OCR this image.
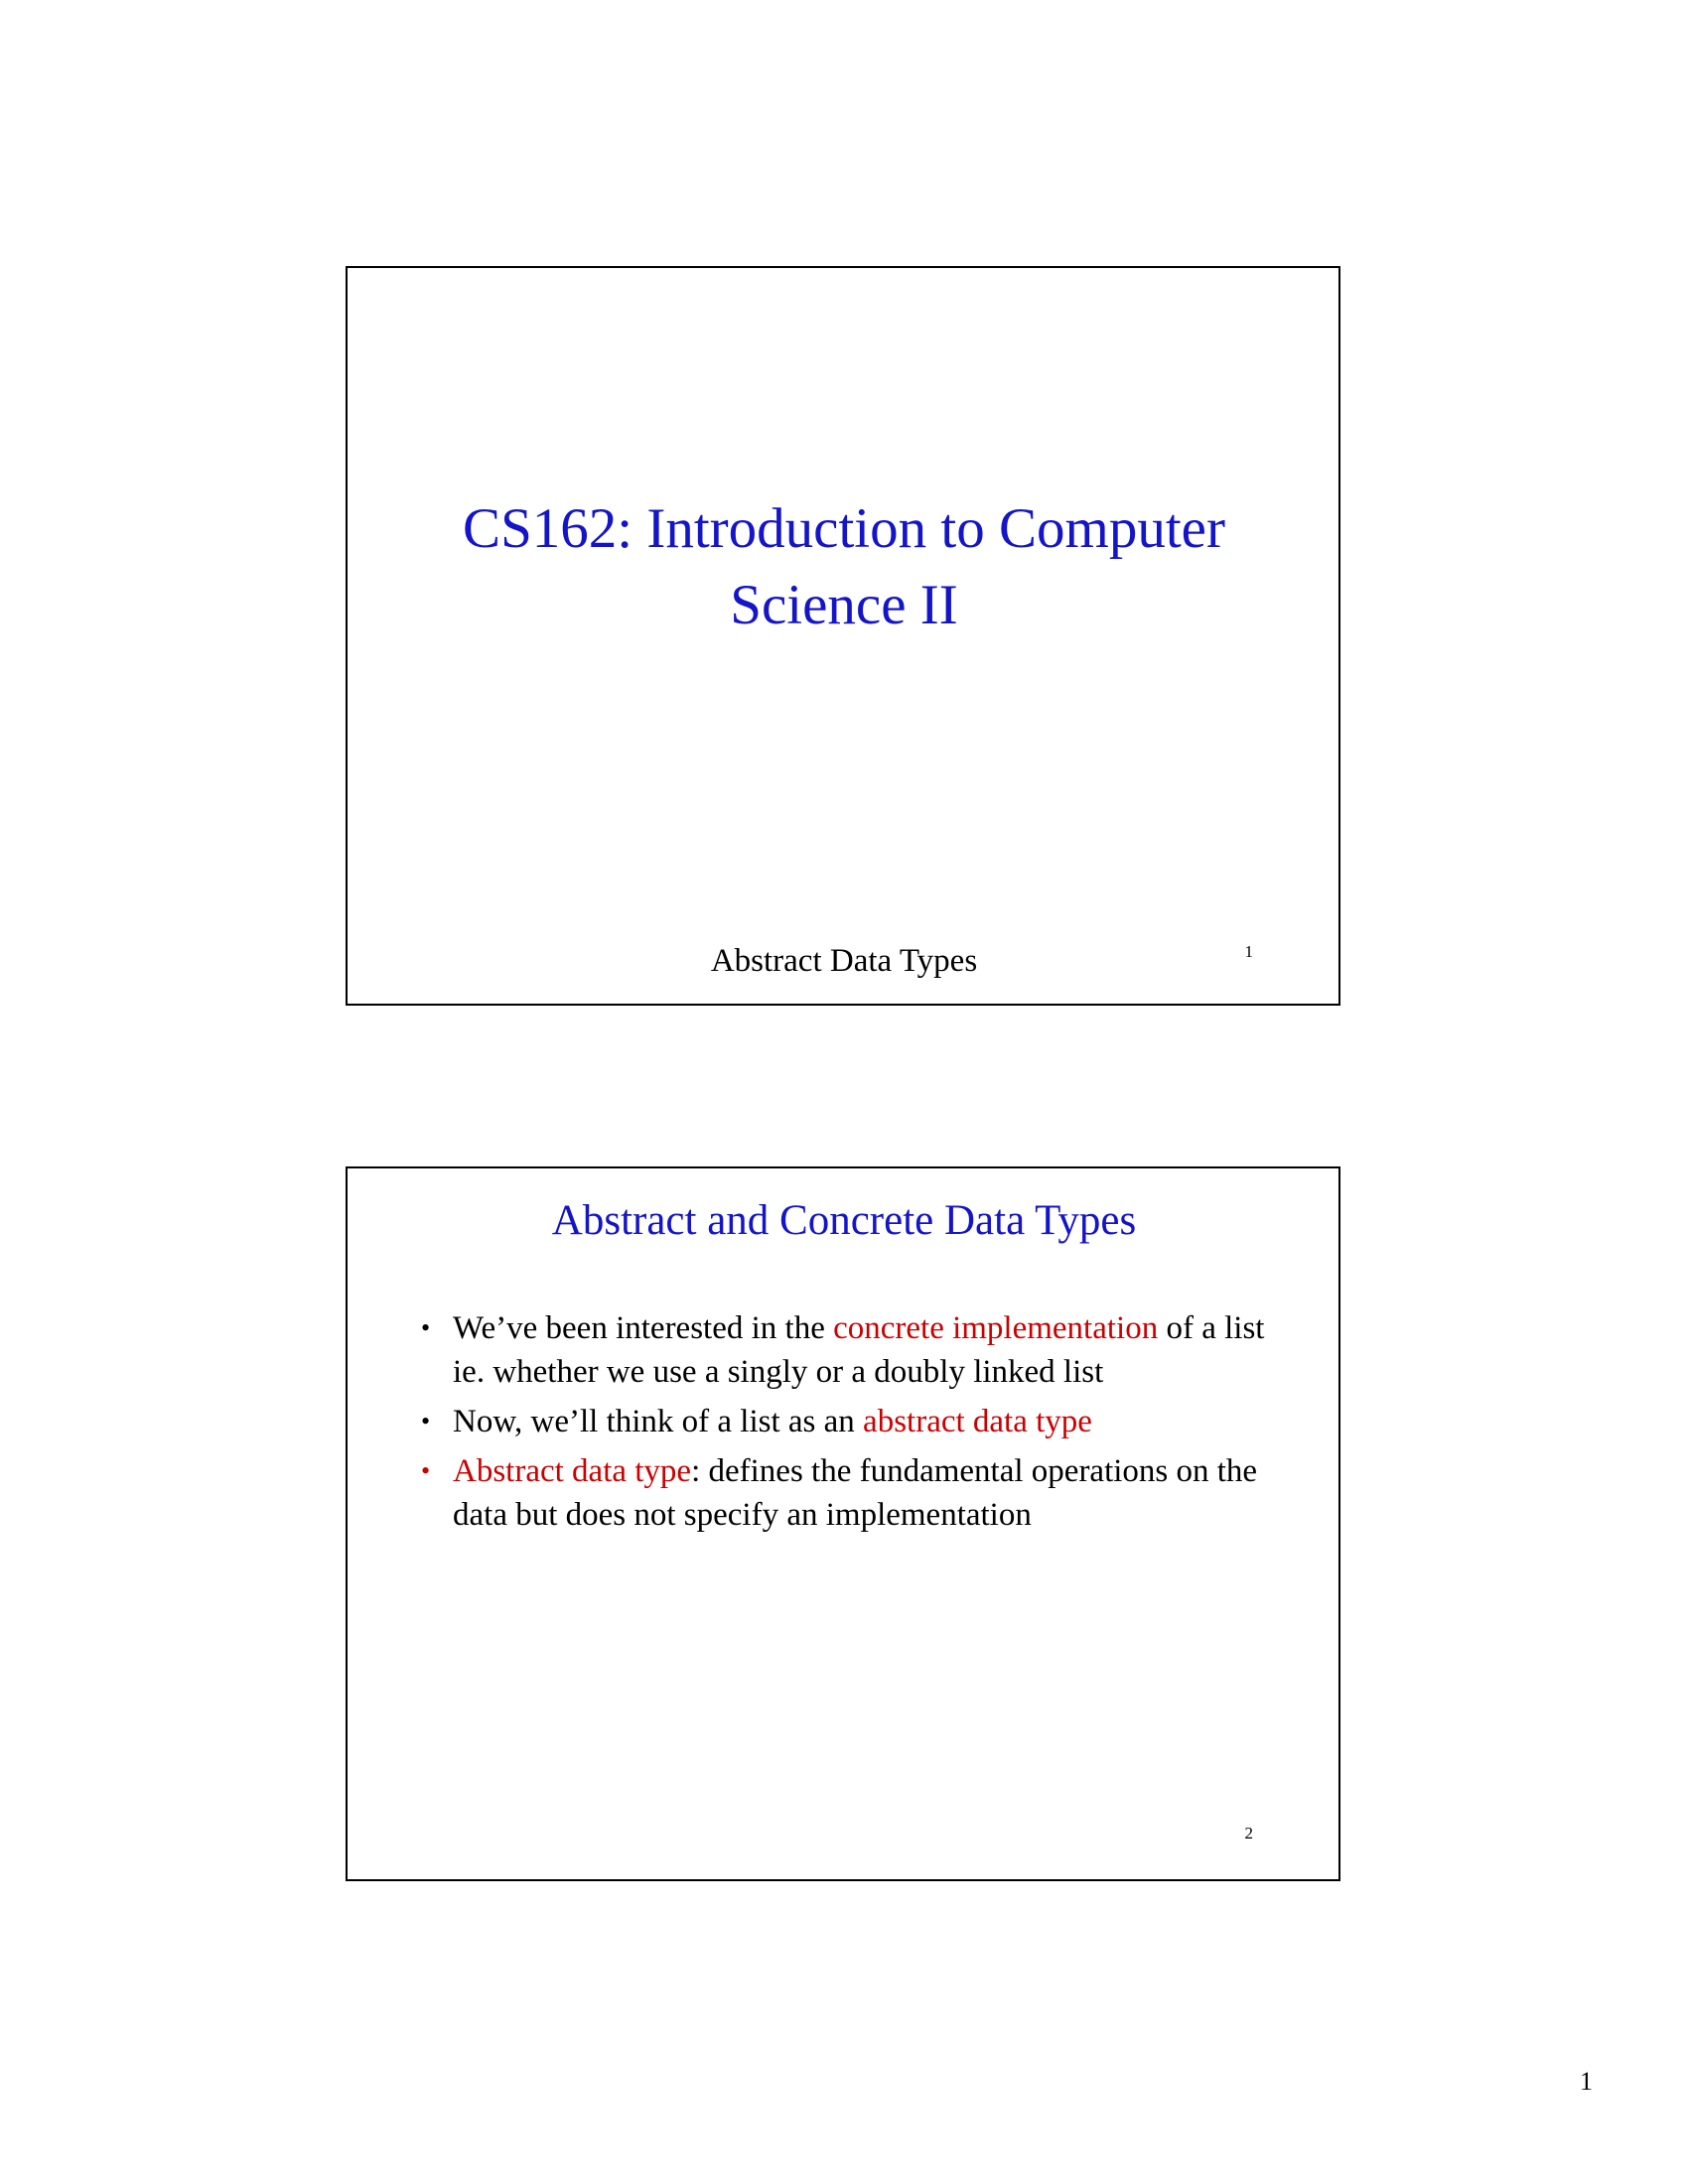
CS162: Introduction to Computer Science II
Abstract Data Types	1
Abstract and Concrete Data Types
• We’ve been interested in the concrete implementation of a list ie. whether we use a singly or a doubly linked list
• Now, we’ll think of a list as an abstract data type
• Abstract data type: defines the fundamental operations on the data but does not specify an implementation
2
1
